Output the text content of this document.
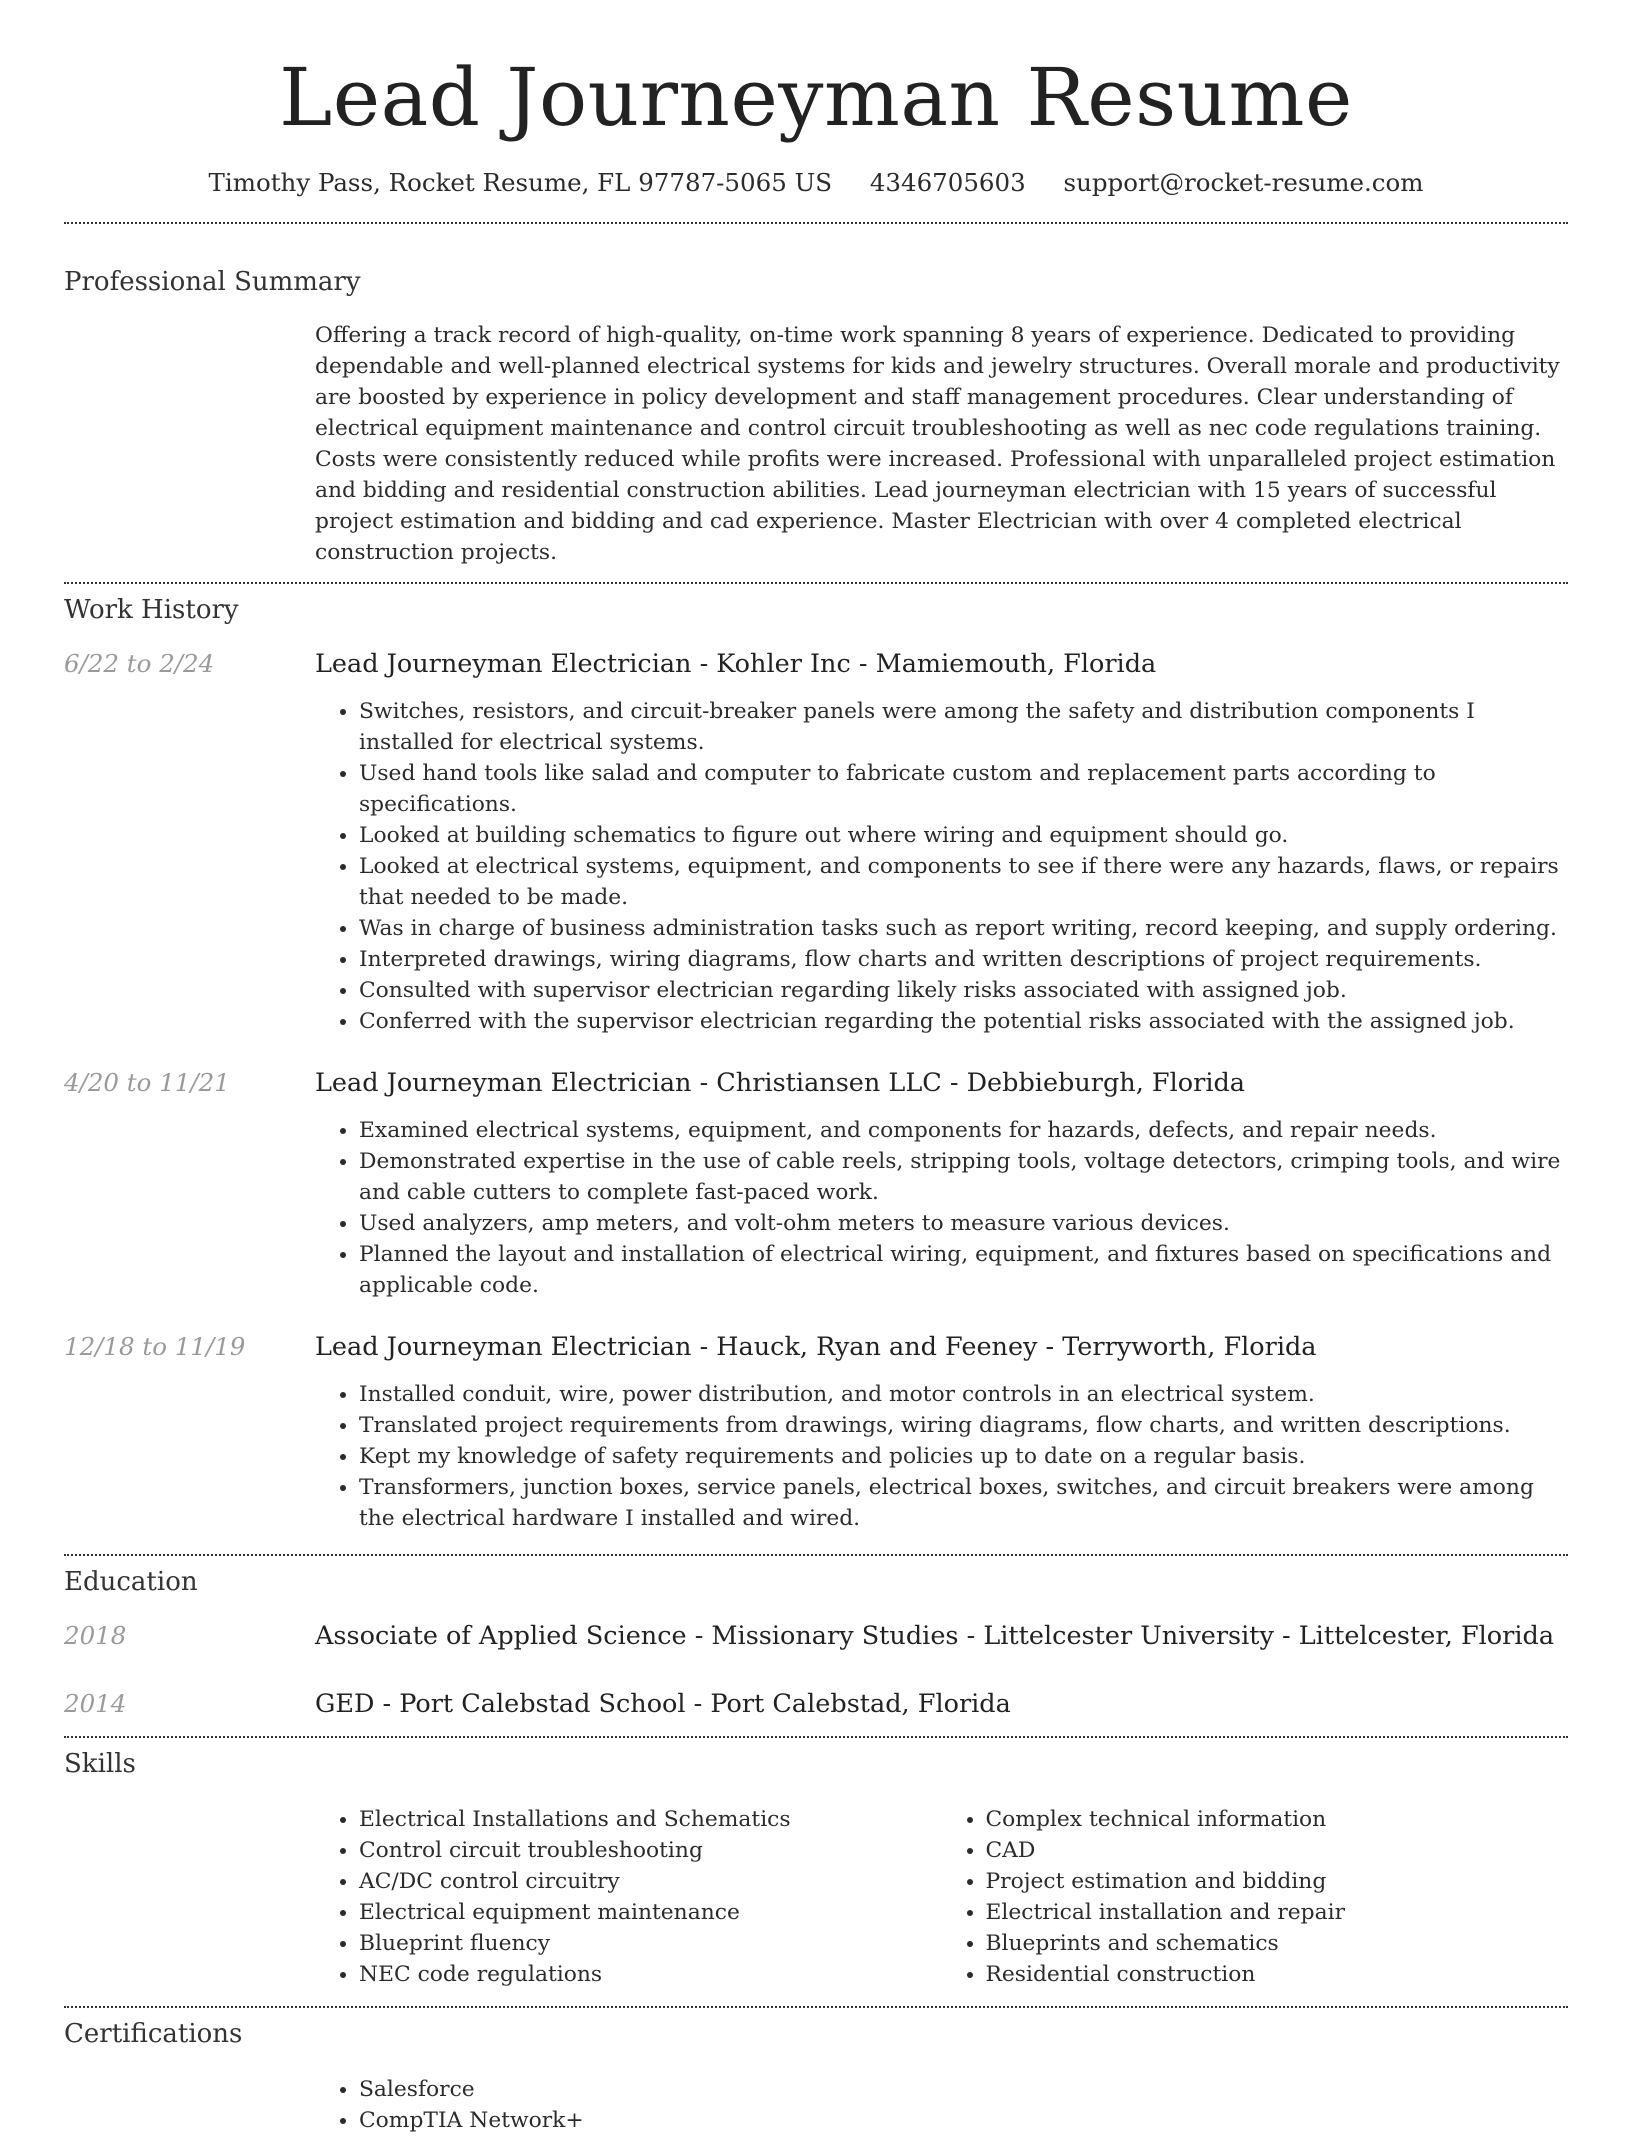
Lead Journeyman Resume
Timothy Pass, Rocket Resume, FL 97787-5065 US 4346705603 support@rocket-resume.com
Professional Summary
Offering a track record of high-quality, on-time work spanning 8 years of experience. Dedicated to providing dependable and well-planned electrical systems for kids and jewelry structures. Overall morale and productivity are boosted by experience in policy development and staff management procedures. Clear understanding of electrical equipment maintenance and control circuit troubleshooting as well as nec code regulations training. Costs were consistently reduced while profits were increased. Professional with unparalleled project estimation and bidding and residential construction abilities. Lead journeyman electrician with 15 years of successful project estimation and bidding and cad experience. Master Electrician with over 4 completed electrical construction projects.
Work History
6/22 to 2/24	Lead Journeyman Electrician - Kohler Inc - Mamiemouth, Florida
• Switches, resistors, and circuit-breaker panels were among the safety and distribution components I installed for electrical systems.
• Used hand tools like salad and computer to fabricate custom and replacement parts according to specifications.
• Looked at building schematics to figure out where wiring and equipment should go.
• Looked at electrical systems, equipment, and components to see if there were any hazards, flaws, or repairs that needed to be made.
• Was in charge of business administration tasks such as report writing, record keeping, and supply ordering.
• Interpreted drawings, wiring diagrams, flow charts and written descriptions of project requirements.
• Consulted with supervisor electrician regarding likely risks associated with assigned job.
• Conferred with the supervisor electrician regarding the potential risks associated with the assigned job.
4/20 to 11/21	Lead Journeyman Electrician - Christiansen LLC - Debbieburgh, Florida
• Examined electrical systems, equipment, and components for hazards, defects, and repair needs.
• Demonstrated expertise in the use of cable reels, stripping tools, voltage detectors, crimping tools, and wire and cable cutters to complete fast-paced work.
• Used analyzers, amp meters, and volt-ohm meters to measure various devices.
• Planned the layout and installation of electrical wiring, equipment, and fixtures based on specifications and applicable code.
12/18 to 11/19	Lead Journeyman Electrician - Hauck, Ryan and Feeney - Terryworth, Florida
• Installed conduit, wire, power distribution, and motor controls in an electrical system.
• Translated project requirements from drawings, wiring diagrams, flow charts, and written descriptions.
• Kept my knowledge of safety requirements and policies up to date on a regular basis.
• Transformers, junction boxes, service panels, electrical boxes, switches, and circuit breakers were among the electrical hardware I installed and wired.
Education
2018	Associate of Applied Science - Missionary Studies - Littelcester University - Littelcester, Florida
2014	GED - Port Calebstad School - Port Calebstad, Florida
Skills
• Electrical Installations and Schematics
• Control circuit troubleshooting
• AC/DC control circuitry
• Electrical equipment maintenance
• Blueprint fluency
• NEC code regulations
• Complex technical information
• CAD
• Project estimation and bidding
• Electrical installation and repair
• Blueprints and schematics
• Residential construction
Certifications
• Salesforce
• CompTIA Network+
